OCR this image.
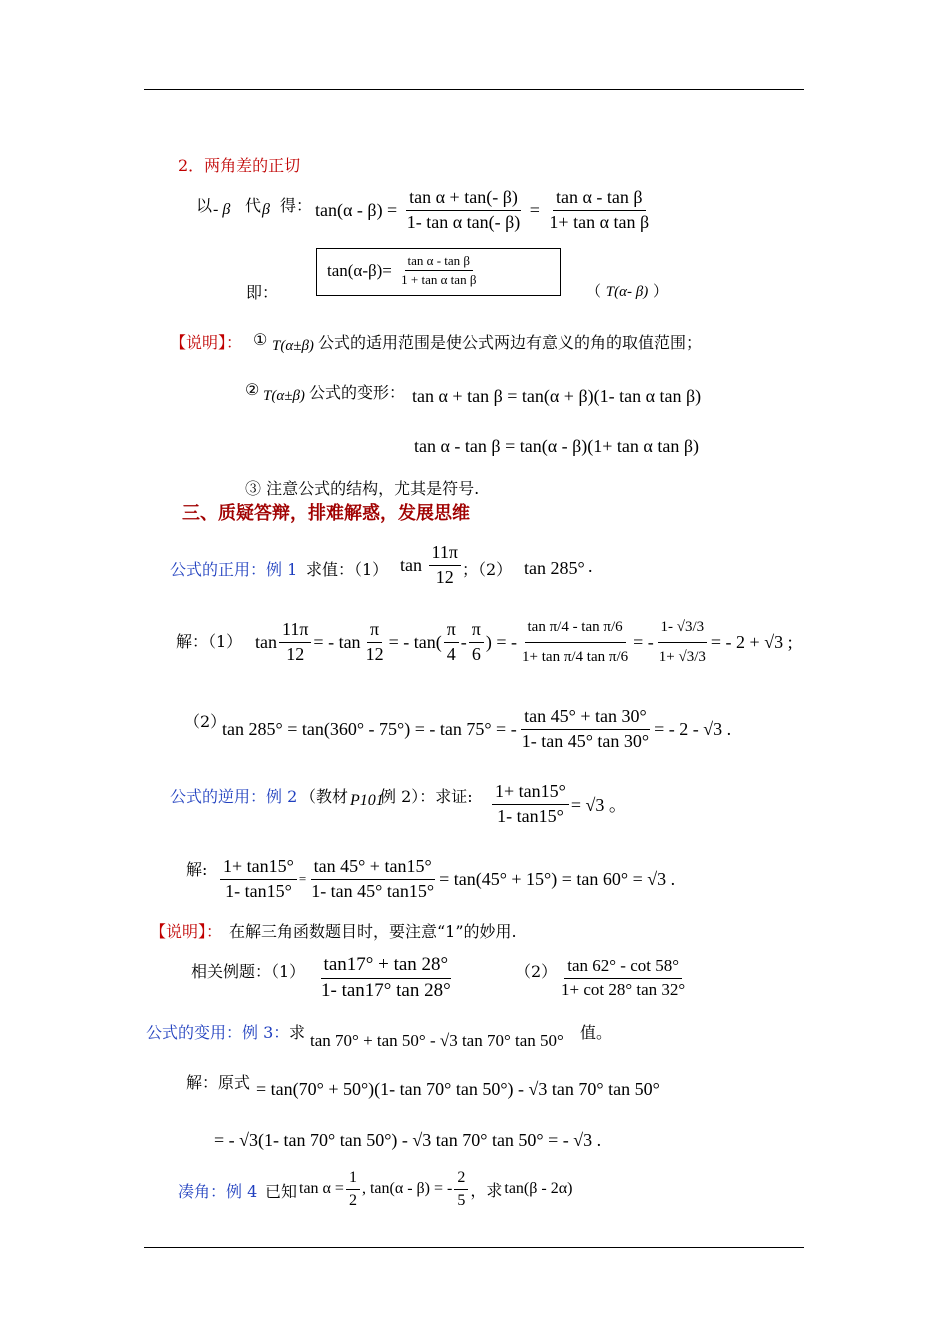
2．两角差的正切
以 - β 代 β 得： $\tan(\alpha - \beta) = \frac{\text{tan α + tan(- β)}}{\text{1- tan α tan(- β)}} = \frac{\text{tan α - tan β}}{\text{1+ tan α tan β}}$
即：
$\tan(\alpha-\beta)= \frac{\text{tan α - tan β}}{\text{1 + tan α tan β}}$
（ T(α- β) ）
【说明】： ① T(α±β) 公式的适用范围是使公式两边有意义的角的取值范围；
② T(α±β) 公式的变形： tan α + tan β = tan(α + β)(1- tan α tan β)
tan α - tan β = tan(α - β)(1+ tan α tan β)
③ 注意公式的结构，尤其是符号.
三、质疑答辩，排难解惑，发展思维
公式的正用：例 1 求值：（1） $\tan \frac{11\pi}{12}$ ；（2） tan 285° .
解：（1） $\tan \frac{11\pi}{12}$ = - $\tan \frac{\pi}{12}$ = - $\tan( \frac{\pi}{4} - \frac{\pi}{6}$ ) = - $\frac{\text{tan π/4 - tan π/6}}{\text{1+ tan π/4 tan π/6}}$ = - $\frac{1- √3/3}{1+ √3/3}$ = - 2 + √3 ;
（2）
tan 285° = tan(360° - 75°) = - tan 75° = - $\frac{\tan 45^\circ + \tan 30^\circ}{1- \tan 45^\circ \tan 30^\circ}$ = - 2 - √3 .
公式的逆用：例 2 （教材 P101
例 2）：求证: $\frac{1+ \tan 15^\circ}{1- \tan 15^\circ} = √3$ 。
解: $\frac{1+ \tan 15^\circ}{1- \tan 15^\circ} = \frac{\tan 45^\circ + \tan 15^\circ}{1- \tan 45^\circ \tan 15^\circ} = \tan(45^\circ + 15^\circ) = \tan 60^\circ = √3$ .
【说明】： 在解三角函数题目时，要注意“1”的妙用.
相关例题：$(1) \frac{\tan 17^\circ + \tan 28^\circ}{1- \tan 17^\circ \tan 28^\circ}$	$(2) \frac{\tan 62^\circ - \cot 58^\circ}{1+ \cot 28^\circ \tan 32^\circ}$
公式的变用：例 3： 求 tan 70° + tan 50° - √3 tan 70° tan 50° 值。
解：原式 = tan(70° + 50°)(1- tan 70° tan 50°) - √3 tan 70° tan 50°
= - √3(1- tan 70° tan 50°) - √3 tan 70° tan 50° = - √3 .
凑角：例 4 已知 $\tan \alpha = \frac{1}{2}$ , tan(α - β) = - $\frac{2}{5}$ ，求 tan(β - 2α)
